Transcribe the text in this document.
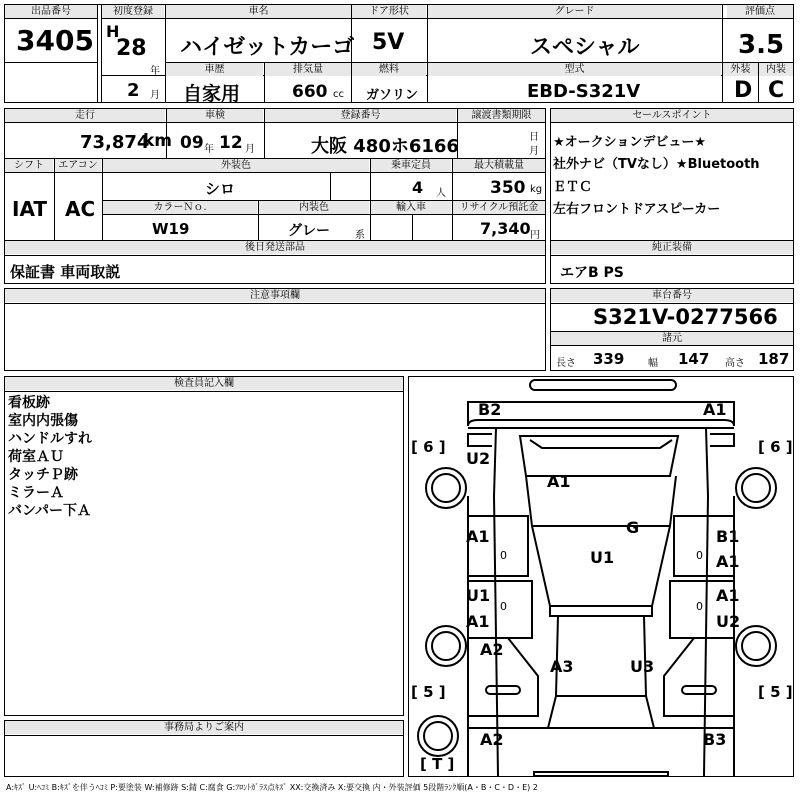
出品番号
3405
初度登録
H
28
年
2 月
車名
ハイゼットカーゴ
ドア形状
5V
グレード
スペシャル
評価点
3.5
車歴
自家用
排気量
660 cc
燃料
ガソリン
型式
EBD-S321V
外装	内装
D C
走行
73,874
km
車検
09 年 12 月
登録番号
大阪 480ホ6166
譲渡書類期限
日
月
シフト	エアコン
IAT AC
外装色
シロ
乗車定員
4 人
最大積載量
350 kg
カラーＮｏ.	内装色	輸入車	リサイクル預託金
W19	グレー	系	7,340 円
後日発送部品
保証書 車両取説
セールスポイント
★オークションデビュー★
社外ナビ（TVなし）★Bluetooth
ＥＴＣ
左右フロントドアスピーカー
純正装備
エアB PS
注意事項欄	車台番号
S321V-0277566
諸元
長さ 339 幅 147 高さ 187
検査員記入欄
看板跡
室内内張傷
ハンドルすれ
荷室ＡＵ
タッチＰ跡
ミラーＡ
バンパー下Ａ
事務局よりご案内
[ 6 ]	[ 6 ]
[ 5 ]	[ 5 ]
[ T ]
B2	A1
U2
A1
G
A1
U1
B1
A1
U1
A1
A1
U2
A2
A3	U3
A2	B3
0	0
0	0
A:ｷｽﾞ U:ﾍｺﾐ B:ｷｽﾞを伴うﾍｺﾐ P:要塗装 W:補修跡 S:錆 C:腐食 G:ﾌﾛﾝﾄｶﾞﾗｽ点ｷｽﾞ XX:交換済み X:要交換 内・外装評価 5段階ﾗﾝｸ順(A・B・C・D・E) 2
